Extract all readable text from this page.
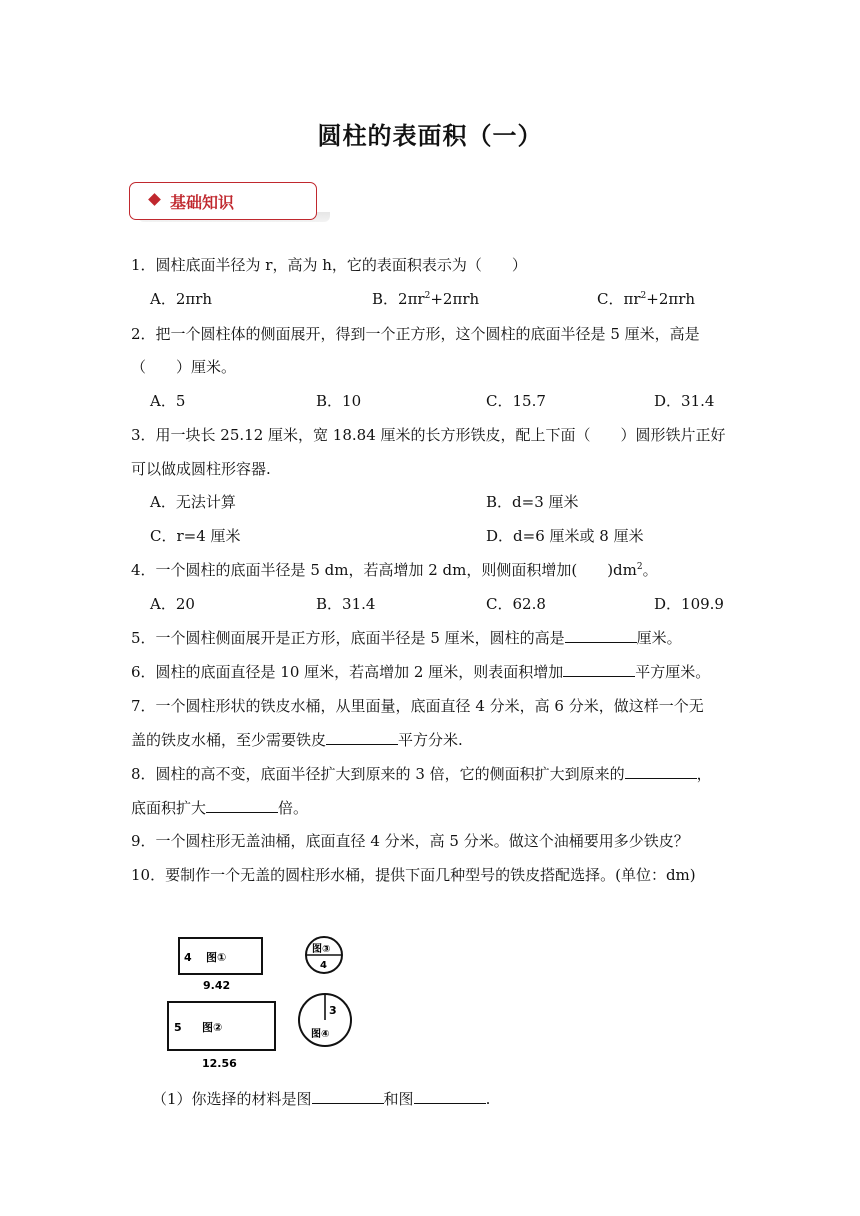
圆柱的表面积（一）
基础知识
1．圆柱底面半径为 r，高为 h，它的表面积表示为（　　）
A．2πrh	B．$2\pi r^2+2\pi rh$	C．$\pi r^2+2\pi rh$
2．把一个圆柱体的侧面展开，得到一个正方形，这个圆柱的底面半径是 5 厘米，高是
（　　）厘米。
A．5	B．10	C．15.7	D．31.4
3．用一块长 25.12 厘米，宽 18.84 厘米的长方形铁皮，配上下面（　　）圆形铁片正好
可以做成圆柱形容器.
A．无法计算	B．d=3 厘米
C．r=4 厘米	D．d=6 厘米或 8 厘米
4．一个圆柱的底面半径是 5 dm，若高增加 2 dm，则侧面积增加(　　)$dm^2$。
A．20	B．31.4	C．62.8	D．109.9
5．一个圆柱侧面展开是正方形，底面半径是 5 厘米，圆柱的高是	厘米。
6．圆柱的底面直径是 10 厘米，若高增加 2 厘米，则表面积增加	平方厘米。
7．一个圆柱形状的铁皮水桶，从里面量，底面直径 4 分米，高 6 分米，做这样一个无
盖的铁皮水桶，至少需要铁皮	平方分米.
8．圆柱的高不变，底面半径扩大到原来的 3 倍，它的侧面积扩大到原来的	，
底面积扩大	倍。
9．一个圆柱形无盖油桶，底面直径 4 分米，高 5 分米。做这个油桶要用多少铁皮？
10．要制作一个无盖的圆柱形水桶，提供下面几种型号的铁皮搭配选择。(单位：dm)
4 图①
9.42
5 图②
12.56
图③
4
3
图④
（1）你选择的材料是图	和图	.
